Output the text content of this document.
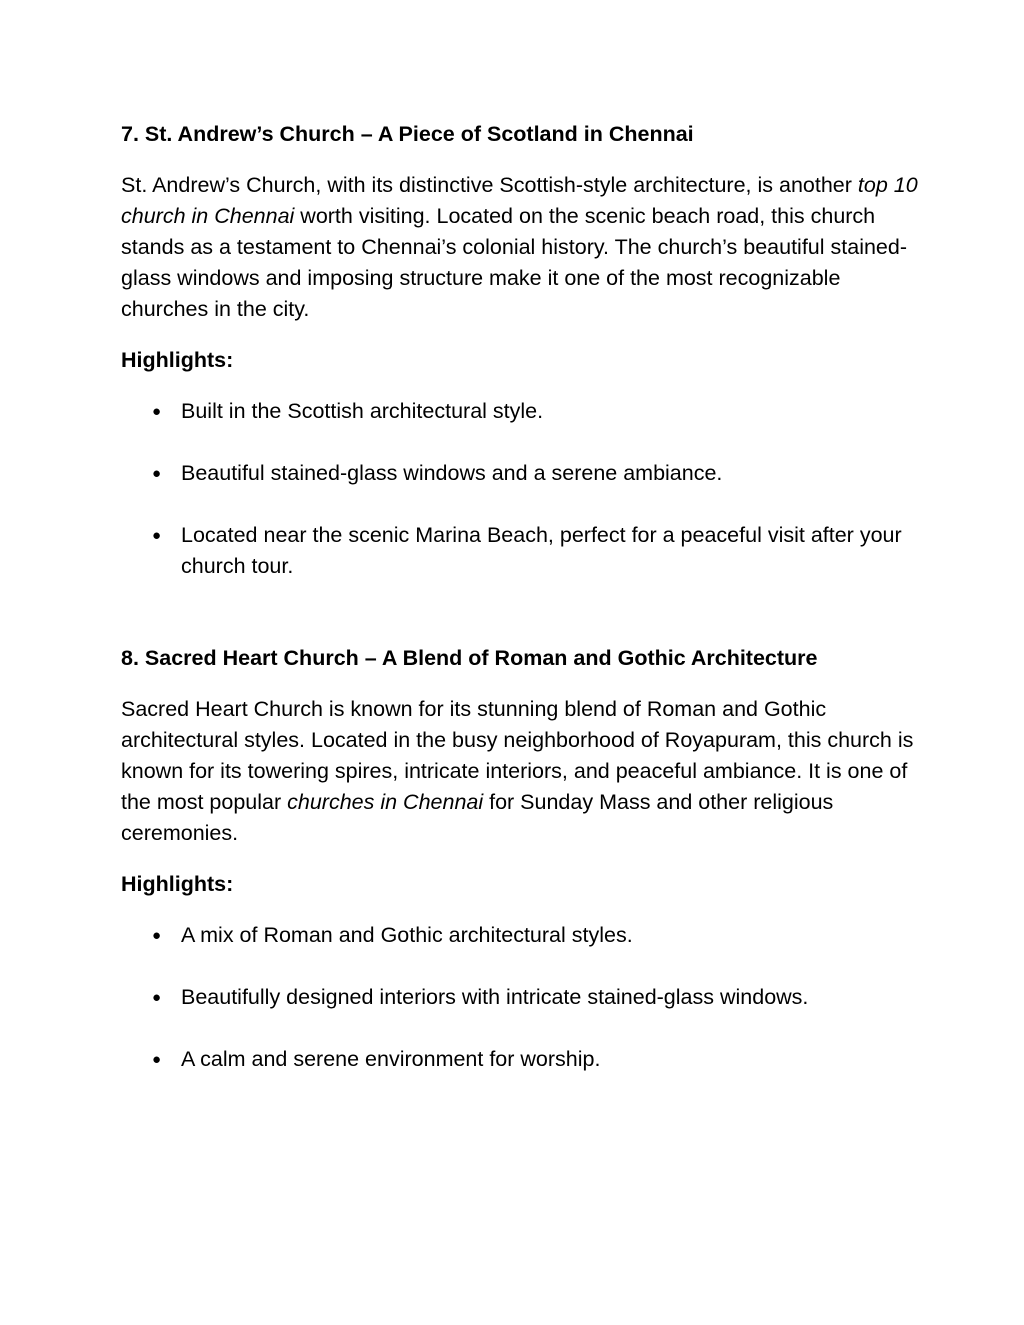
7. St. Andrew’s Church – A Piece of Scotland in Chennai

St. Andrew’s Church, with its distinctive Scottish-style architecture, is another top 10 church in Chennai worth visiting. Located on the scenic beach road, this church stands as a testament to Chennai’s colonial history. The church’s beautiful stained-glass windows and imposing structure make it one of the most recognizable churches in the city.

Highlights:
● Built in the Scottish architectural style.
● Beautiful stained-glass windows and a serene ambiance.
● Located near the scenic Marina Beach, perfect for a peaceful visit after your church tour.
8. Sacred Heart Church – A Blend of Roman and Gothic Architecture

Sacred Heart Church is known for its stunning blend of Roman and Gothic architectural styles. Located in the busy neighborhood of Royapuram, this church is known for its towering spires, intricate interiors, and peaceful ambiance. It is one of the most popular churches in Chennai for Sunday Mass and other religious ceremonies.

Highlights:
● A mix of Roman and Gothic architectural styles.
● Beautifully designed interiors with intricate stained-glass windows.
● A calm and serene environment for worship.
